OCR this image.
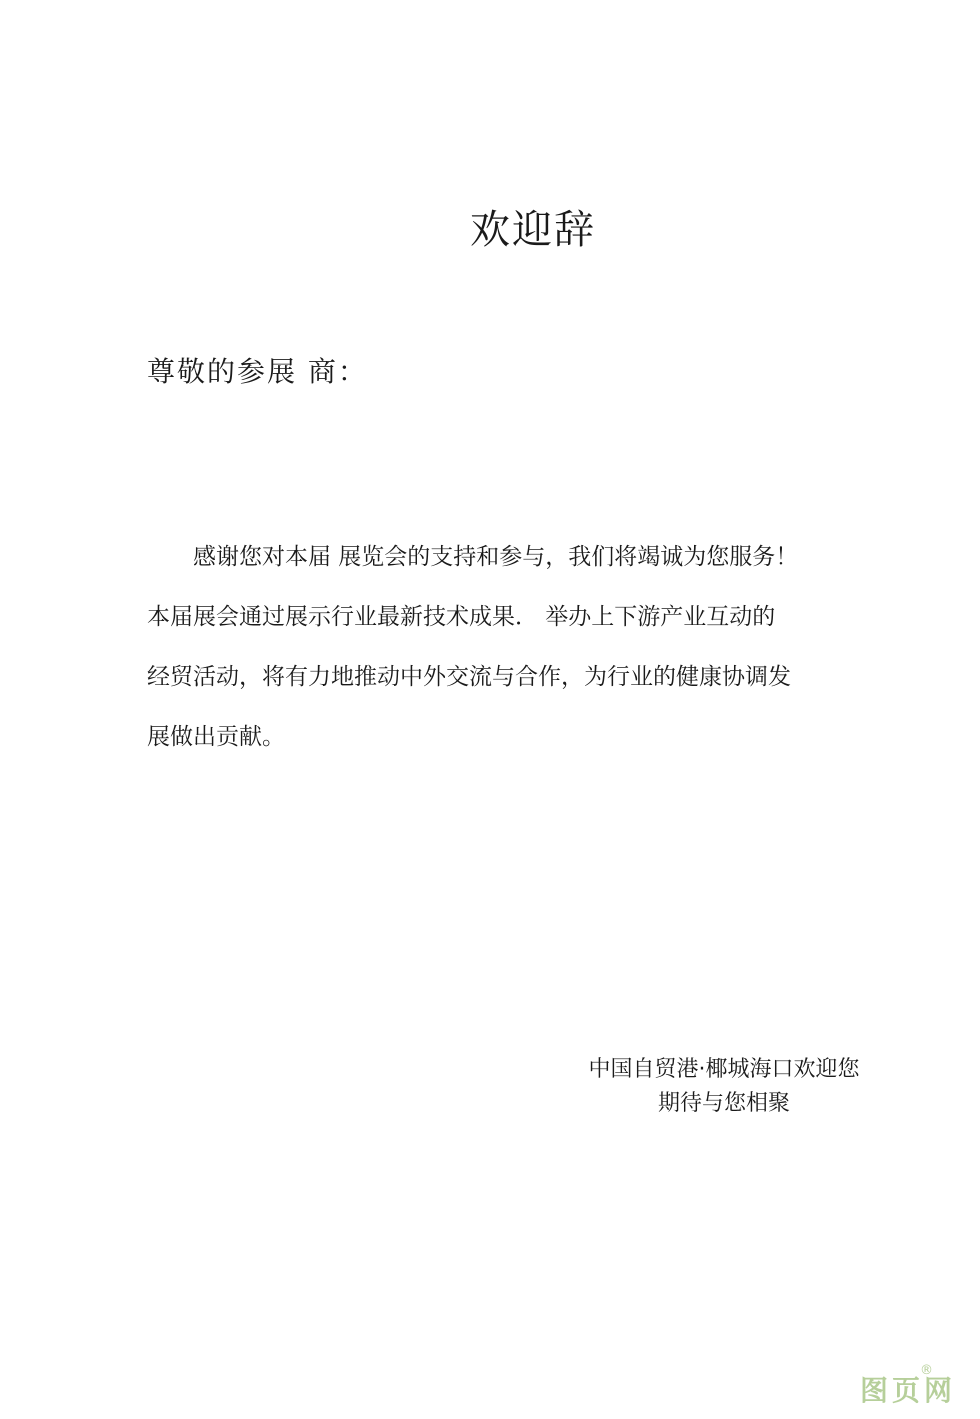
欢迎辞

尊敬的参展 商：

感谢您对本届 展览会的支持和参与，我们将竭诚为您服务！
本届展会通过展示行业最新技术成果． 举办上下游产业互动的
经贸活动，将有力地推动中外交流与合作，为行业的健康协调发
展做出贡献。

中国自贸港·椰城海口欢迎您
期待与您相聚
图页网
®
